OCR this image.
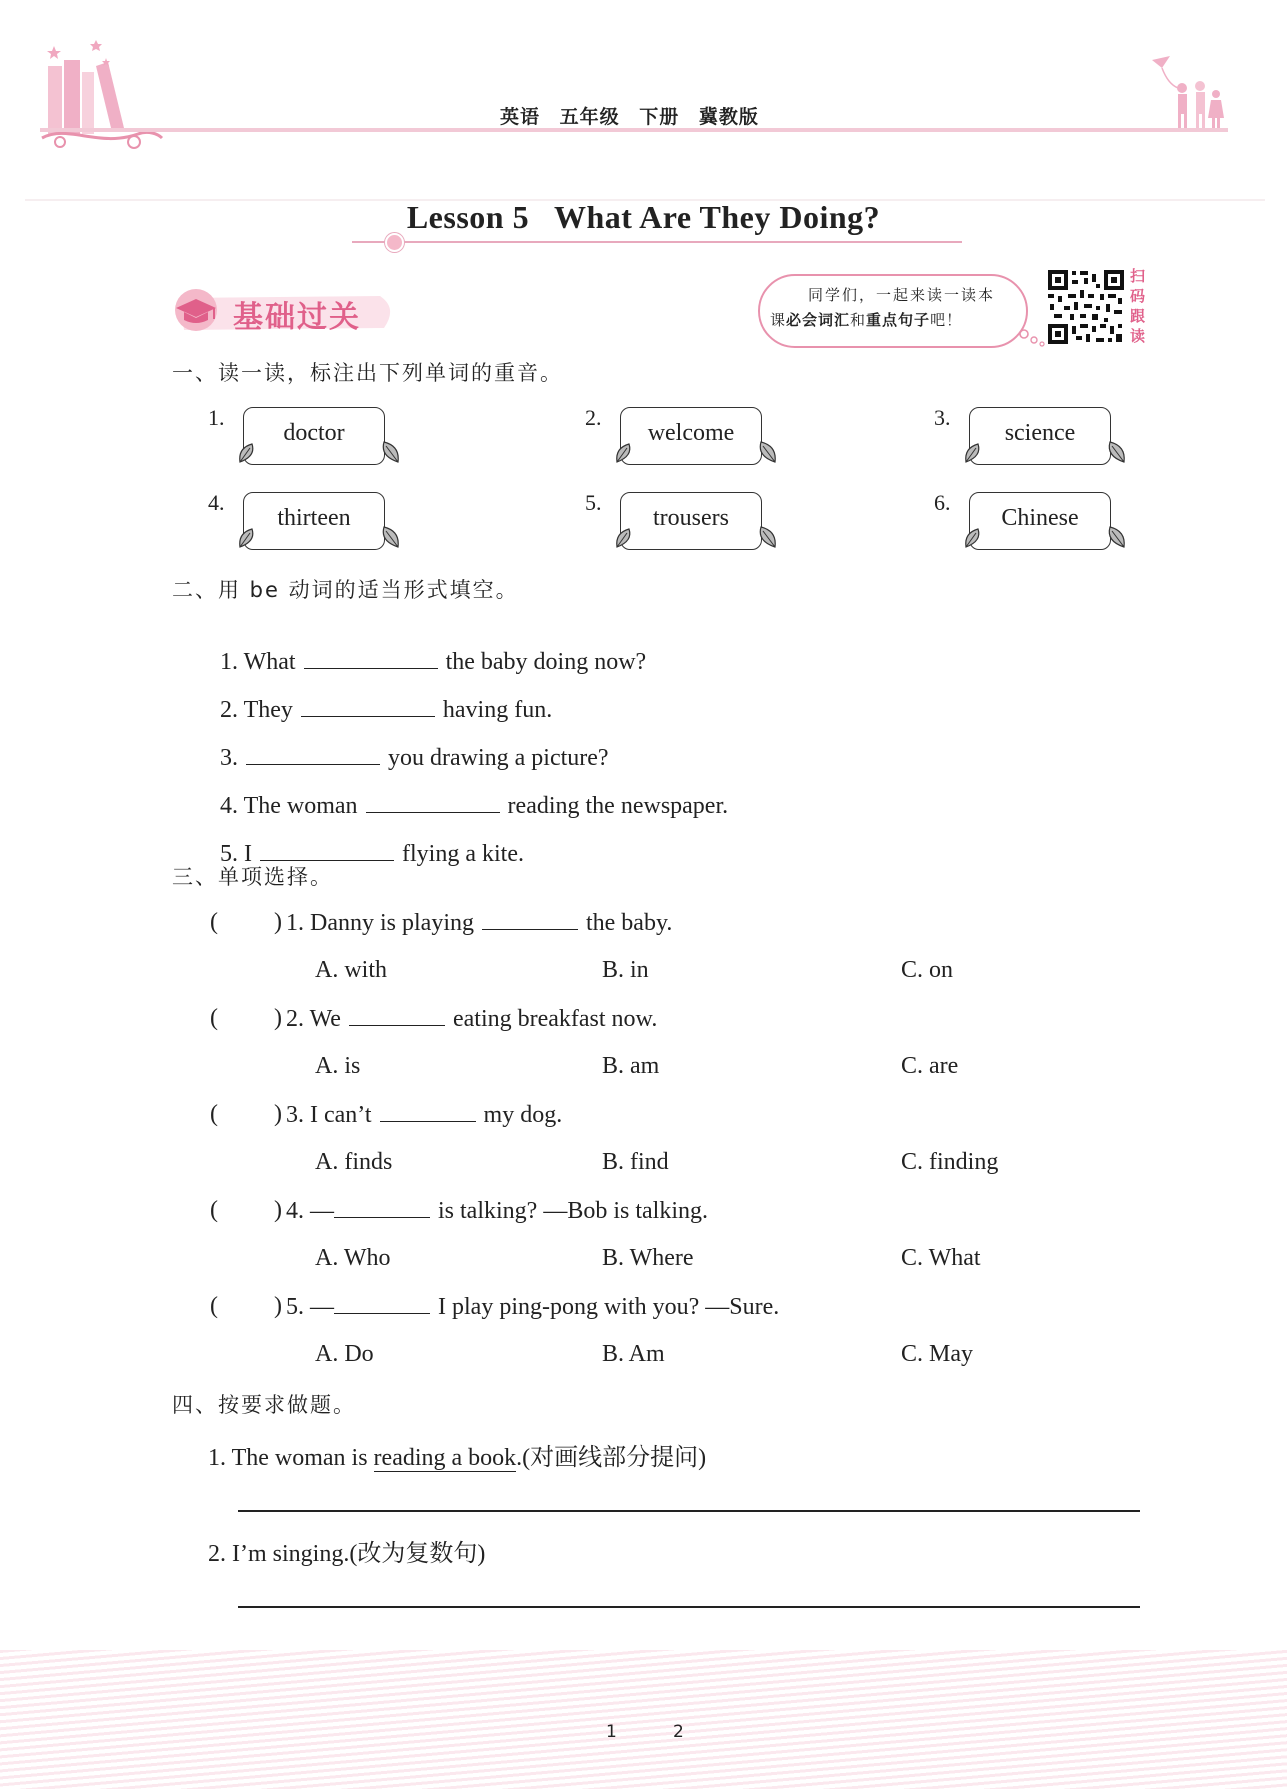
英语 五年级 下册 冀教版
Lesson 5   What Are They Doing?
基础过关
同学们，一起来读一读本
课必会词汇和重点句子吧！
扫码跟读
一、读一读，标注出下列单词的重音。
1.
doctor
2.
welcome
3.
science
4.
thirteen
5.
trousers
6.
Chinese
二、用 be 动词的适当形式填空。

1. What	the baby doing now?

2. They	having fun.

3.	you drawing a picture?

4. The woman	reading the newspaper.

5. I	flying a kite.

三、单项选择。
( ) 1. Danny is playing	the baby.
A. with	B. in	C. on
( ) 2. We	eating breakfast now.
A. is	B. am	C. are
( ) 3. I can’t	my dog.
A. finds	B. find	C. finding
( ) 4. —	is talking? —Bob is talking.
A. Who	B. Where	C. What
( ) 5. —	I play ping-pong with you? —Sure.
A. Do	B. Am	C. May
四、按要求做题。
1. The woman is reading a book.(对画线部分提问)
2. I’m singing.(改为复数句)
1	2
